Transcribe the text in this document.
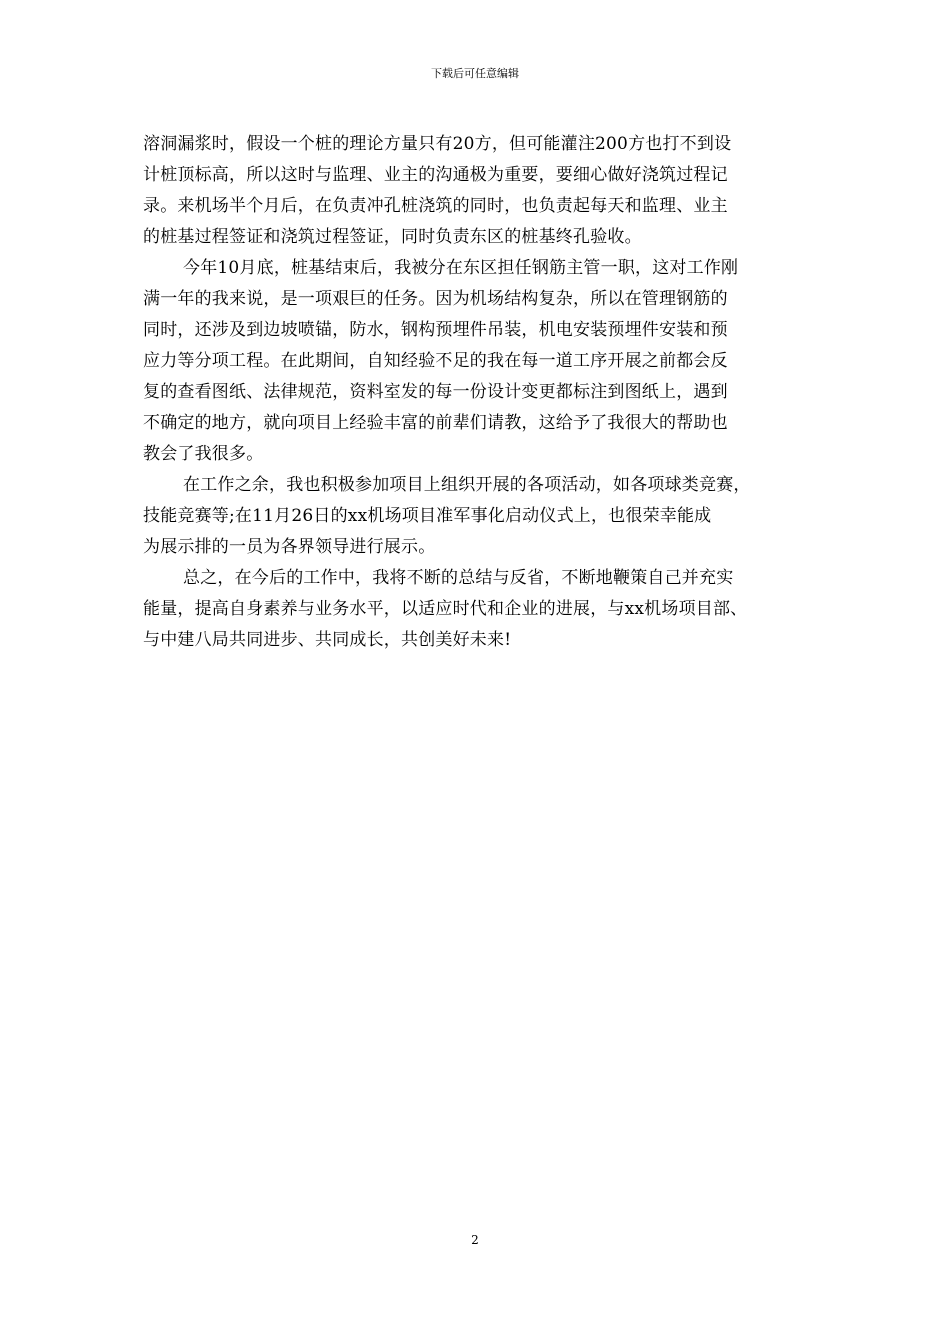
下载后可任意编辑
溶洞漏浆时，假设一个桩的理论方量只有20方，但可能灌注200方也打不到设
计桩顶标高，所以这时与监理、业主的沟通极为重要，要细心做好浇筑过程记
录。来机场半个月后，在负责冲孔桩浇筑的同时，也负责起每天和监理、业主
的桩基过程签证和浇筑过程签证，同时负责东区的桩基终孔验收。
今年10月底，桩基结束后，我被分在东区担任钢筋主管一职，这对工作刚
满一年的我来说，是一项艰巨的任务。因为机场结构复杂，所以在管理钢筋的
同时，还涉及到边坡喷锚，防水，钢构预埋件吊装，机电安装预埋件安装和预
应力等分项工程。在此期间，自知经验不足的我在每一道工序开展之前都会反
复的查看图纸、法律规范，资料室发的每一份设计变更都标注到图纸上，遇到
不确定的地方，就向项目上经验丰富的前辈们请教，这给予了我很大的帮助也
教会了我很多。
在工作之余，我也积极参加项目上组织开展的各项活动，如各项球类竞赛，
技能竞赛等;在11月26日的xx机场项目准军事化启动仪式上，也很荣幸能成
为展示排的一员为各界领导进行展示。
总之，在今后的工作中，我将不断的总结与反省，不断地鞭策自己并充实
能量，提高自身素养与业务水平，以适应时代和企业的进展，与xx机场项目部、
与中建八局共同进步、共同成长，共创美好未来!
2
